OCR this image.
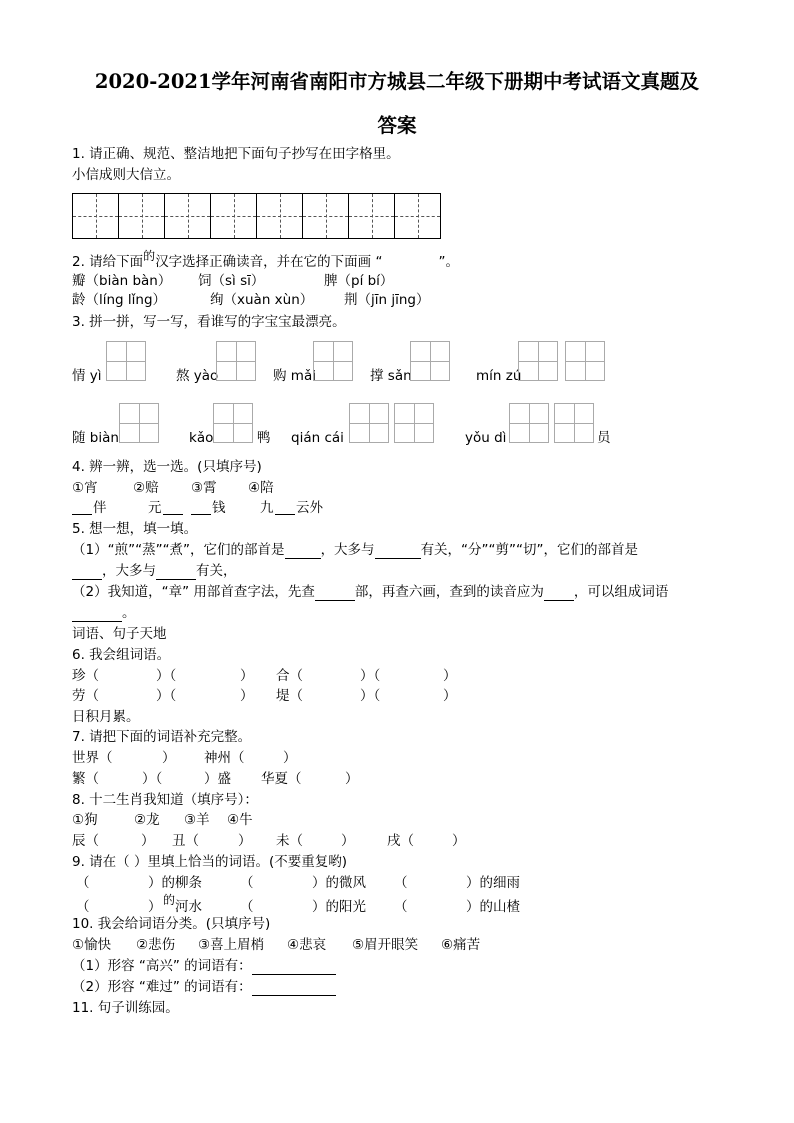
2020-2021学年河南省南阳市方城县二年级下册期中考试语文真题及
答案
1. 请正确、规范、整洁地把下面句子抄写在田字格里。
小信成则大信立。
2. 请给下面的汉字选择正确读音，并在它的下面画 “	”。
瓣（biàn bàn） 饲（sì sī）	脾（pí bí）
龄（líng lǐng）	绚（xuàn xùn） 荆（jīn jīng）
3. 拼一拼，写一写，看谁写的字宝宝最漂亮。
情 yì	熬 yào	购 mǎi	撑 sǎn	mín zú
随 biàn	kǎo	鸭 qián cái	yǒu dì	员
4. 辨一辨，选一选。(只填序号)
①宵	②赔 ③霄 ④陪
伴	元	钱	九 云外
5. 想一想，填一填。
（1）“煎”“蒸”“煮”，它们的部首是	，大多与	有关，“分”“剪”“切”，它们的部首是
，大多与	有关，
（2）我知道，“章” 用部首查字法，先查	部，再查六画，查到的读音应为 ，可以组成词语
。
词语、句子天地
6. 我会组词语。
珍（	）（	） 合（	）（	）
劳（	）（	） 堤（	）（	）
日积月累。
7. 请把下面的词语补充完整。
世界（	） 神州（	）
繁（	）（	）盛 华夏（	）
8. 十二生肖我知道（填序号）：
①狗	②龙 ③羊 ④牛
辰（	） 丑（	） 未（	） 戌（	）
9. 请在（ ）里填上恰当的词语。(不要重复哟)
（	）的柳条	（	）的微风 （	）的细雨
（	） 的 河水	（	）的阳光 （	）的山楂
10. 我会给词语分类。(只填序号)
①愉快 ②悲伤 ③喜上眉梢 ④悲哀 ⑤眉开眼笑 ⑥痛苦
（1）形容 “高兴” 的词语有：
（2）形容 “难过” 的词语有：
11. 句子训练园。
